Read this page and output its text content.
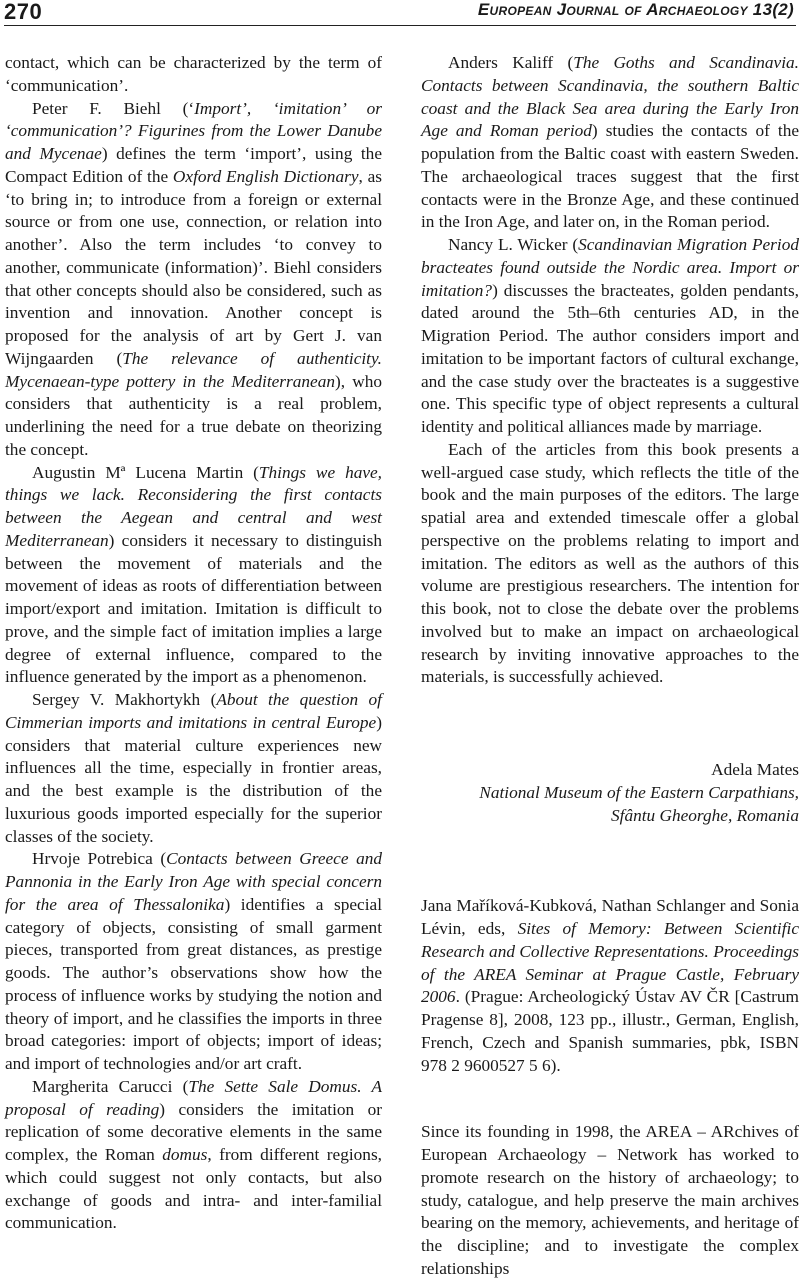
270	European Journal of Archaeology 13(2)

contact, which can be characterized by the term of ‘communication’.

Peter F. Biehl (‘Import’, ‘imitation’ or ‘communication’? Figurines from the Lower Danube and Mycenae) defines the term ‘import’, using the Compact Edition of the Oxford English Dictionary, as ‘to bring in; to introduce from a foreign or external source or from one use, connection, or relation into another’. Also the term includes ‘to convey to another, communicate (information)’. Biehl considers that other concepts should also be considered, such as invention and innovation. Another concept is proposed for the analysis of art by Gert J. van Wijngaarden (The relevance of authenticity. Mycenaean-type pottery in the Mediterranean), who considers that authenticity is a real problem, underlining the need for a true debate on theorizing the concept.

Augustin Mª Lucena Martin (Things we have, things we lack. Reconsidering the first contacts between the Aegean and central and west Mediterranean) considers it necessary to distinguish between the movement of materials and the movement of ideas as roots of differentiation between import/export and imitation. Imitation is difficult to prove, and the simple fact of imitation implies a large degree of external influence, compared to the influence generated by the import as a phenomenon.

Sergey V. Makhortykh (About the question of Cimmerian imports and imitations in central Europe) considers that material culture experiences new influences all the time, especially in frontier areas, and the best example is the distribution of the luxurious goods imported especially for the superior classes of the society.

Hrvoje Potrebica (Contacts between Greece and Pannonia in the Early Iron Age with special concern for the area of Thessalonika) identifies a special category of objects, consisting of small garment pieces, transported from great distances, as prestige goods. The author’s observations show how the process of influence works by studying the notion and theory of import, and he classifies the imports in three broad categories: import of objects; import of ideas; and import of technologies and/or art craft.

Margherita Carucci (The Sette Sale Domus. A proposal of reading) considers the imitation or replication of some decorative elements in the same complex, the Roman domus, from different regions, which could suggest not only contacts, but also exchange of goods and intra- and inter-familial communication.

Anders Kaliff (The Goths and Scandinavia. Contacts between Scandinavia, the southern Baltic coast and the Black Sea area during the Early Iron Age and Roman period) studies the contacts of the population from the Baltic coast with eastern Sweden. The archaeological traces suggest that the first contacts were in the Bronze Age, and these continued in the Iron Age, and later on, in the Roman period.

Nancy L. Wicker (Scandinavian Migration Period bracteates found outside the Nordic area. Import or imitation?) discusses the bracteates, golden pendants, dated around the 5th–6th centuries AD, in the Migration Period. The author considers import and imitation to be important factors of cultural exchange, and the case study over the bracteates is a suggestive one. This specific type of object represents a cultural identity and political alliances made by marriage.

Each of the articles from this book presents a well-argued case study, which reflects the title of the book and the main purposes of the editors. The large spatial area and extended timescale offer a global perspective on the problems relating to import and imitation. The editors as well as the authors of this volume are prestigious researchers. The intention for this book, not to close the debate over the problems involved but to make an impact on archaeological research by inviting innovative approaches to the materials, is successfully achieved.

Adela Mates
National Museum of the Eastern Carpathians,
Sfântu Gheorghe, Romania

Jana Maříková-Kubková, Nathan Schlanger and Sonia Lévin, eds, Sites of Memory: Between Scientific Research and Collective Representations. Proceedings of the AREA Seminar at Prague Castle, February 2006. (Prague: Archeologický Ústav AV ČR [Castrum Pragense 8], 2008, 123 pp., illustr., German, English, French, Czech and Spanish summaries, pbk, ISBN 978 2 9600527 5 6).

Since its founding in 1998, the AREA – ARchives of European Archaeology – Network has worked to promote research on the history of archaeology; to study, catalogue, and help preserve the main archives bearing on the memory, achievements, and heritage of the discipline; and to investigate the complex relationships
